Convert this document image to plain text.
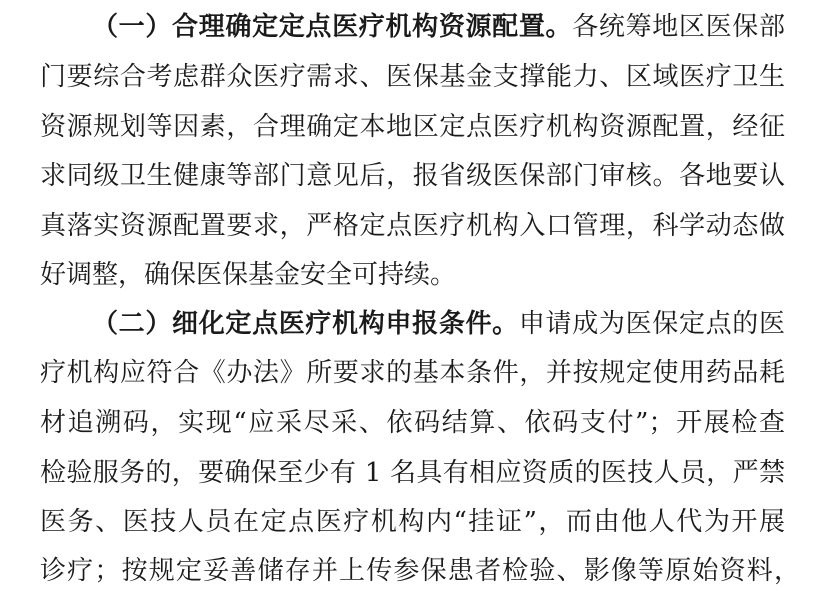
（一）合理确定定点医疗机构资源配置。各统筹地区医保部
门要综合考虑群众医疗需求、医保基金支撑能力、区域医疗卫生
资源规划等因素，合理确定本地区定点医疗机构资源配置，经征
求同级卫生健康等部门意见后，报省级医保部门审核。各地要认
真落实资源配置要求，严格定点医疗机构入口管理，科学动态做
好调整，确保医保基金安全可持续。
（二）细化定点医疗机构申报条件。申请成为医保定点的医
疗机构应符合《办法》所要求的基本条件，并按规定使用药品耗
材追溯码，实现“应采尽采、依码结算、依码支付”；开展检查
检验服务的，要确保至少有 1 名具有相应资质的医技人员，严禁
医务、医技人员在定点医疗机构内“挂证”，而由他人代为开展
诊疗；按规定妥善储存并上传参保患者检验、影像等原始资料，
